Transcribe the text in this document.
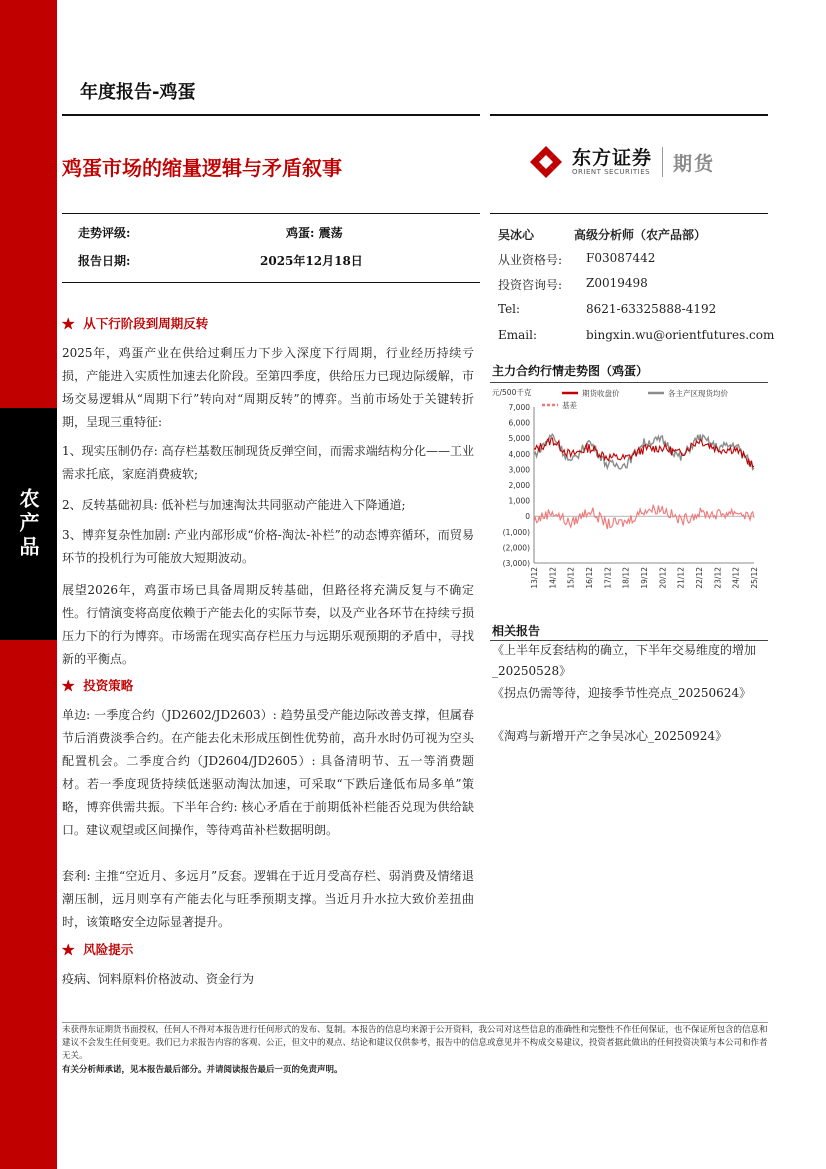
农产品
年度报告-鸡蛋
鸡蛋市场的缩量逻辑与矛盾叙事	东方证券
ORIENT SECURITIES 期货
走势评级:	鸡蛋: 震荡
报告日期:	2025年12月18日
吴冰心	高级分析师（农产品部）
从业资格号: F03087442
投资咨询号: Z0019498
Tel:	8621-63325888-4192
Email:	bingxin.wu@orientfutures.com
★  从下行阶段到周期反转
2025年，鸡蛋产业在供给过剩压力下步入深度下行周期，行业经历持续亏损，产能进入实质性加速去化阶段。至第四季度，供给压力已现边际缓解，市场交易逻辑从“周期下行”转向对“周期反转”的博弈。当前市场处于关键转折期，呈现三重特征:
1、现实压制仍存: 高存栏基数压制现货反弹空间，而需求端结构分化——工业需求托底，家庭消费疲软;
2、反转基础初具: 低补栏与加速淘汰共同驱动产能进入下降通道;
3、博弈复杂性加剧: 产业内部形成“价格-淘汰-补栏”的动态博弈循环，而贸易环节的投机行为可能放大短期波动。
展望2026年，鸡蛋市场已具备周期反转基础，但路径将充满反复与不确定性。行情演变将高度依赖于产能去化的实际节奏，以及产业各环节在持续亏损压力下的行为博弈。市场需在现实高存栏压力与远期乐观预期的矛盾中，寻找新的平衡点。
★  投资策略
单边: 一季度合约（JD2602/JD2603）: 趋势虽受产能边际改善支撑，但属春节后消费淡季合约。在产能去化未形成压倒性优势前，高升水时仍可视为空头配置机会。二季度合约（JD2604/JD2605）: 具备清明节、五一等消费题材。若一季度现货持续低迷驱动淘汰加速，可采取“下跌后逢低布局多单”策略，博弈供需共振。下半年合约: 核心矛盾在于前期低补栏能否兑现为供给缺口。建议观望或区间操作，等待鸡苗补栏数据明朗。
套利: 主推“空近月、多远月”反套。逻辑在于近月受高存栏、弱消费及情绪退潮压制，远月则享有产能去化与旺季预期支撑。当近月升水拉大致价差扭曲时，该策略安全边际显著提升。
★  风险提示
疫病、饲料原料价格波动、资金行为
主力合约行情走势图（鸡蛋）
元/500千克
7,000
6,000
5,000
4,000
3,000
2,000
1,000
0
(1,000)
(2,000)
(3,000)
13/12 14/12 15/12 16/12 17/12 18/12 19/12 20/12 21/12 22/12 23/12 24/12 25/12
期货收盘价	各主产区现货均价
基差
相关报告
《上半年反套结构的确立，下半年交易维度的增加_20250528》
《拐点仍需等待，迎接季节性亮点_20250624》
《淘鸡与新增开产之争吴冰心_20250924》
未获得东证期货书面授权，任何人不得对本报告进行任何形式的发布、复制。本报告的信息均来源于公开资料，我公司对这些信息的准确性和完整性不作任何保证，也不保证所包含的信息和建议不会发生任何变更。我们已力求报告内容的客观、公正，但文中的观点、结论和建议仅供参考，报告中的信息或意见并不构成交易建议，投资者据此做出的任何投资决策与本公司和作者无关。
有关分析师承诺，见本报告最后部分。并请阅读报告最后一页的免责声明。
